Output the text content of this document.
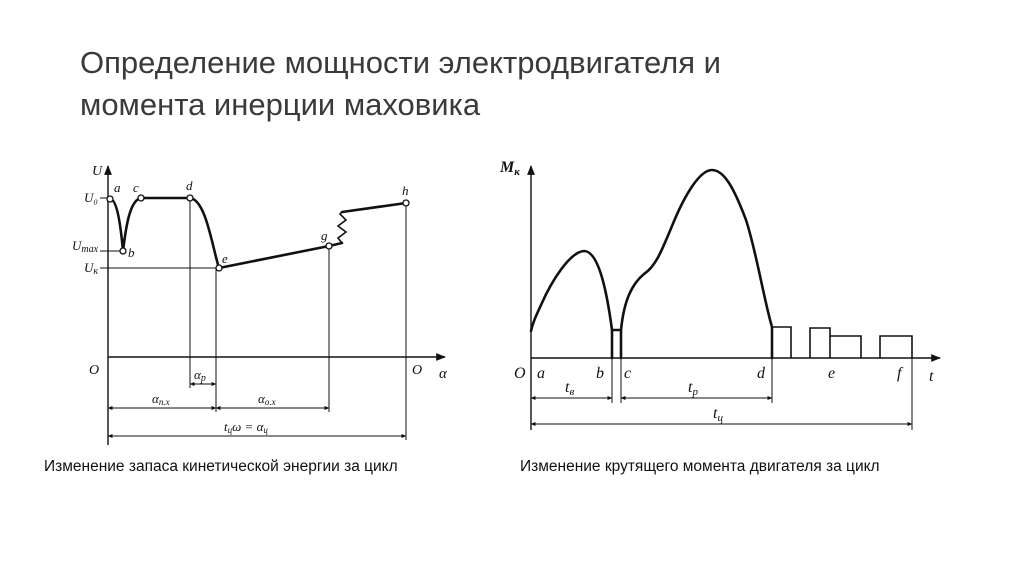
Определение мощности электродвигателя и
момента инерции маховика
U
α
O	O
U₀
Umax
Uк
a
b
c	d
e
g
h
αр
αп.х	αо.х
tцω = αц
Mк
t
O a	b c	d	e	f
tв	tр
tц
Изменение запаса кинетической энергии за цикл	Изменение крутящего момента двигателя за цикл
